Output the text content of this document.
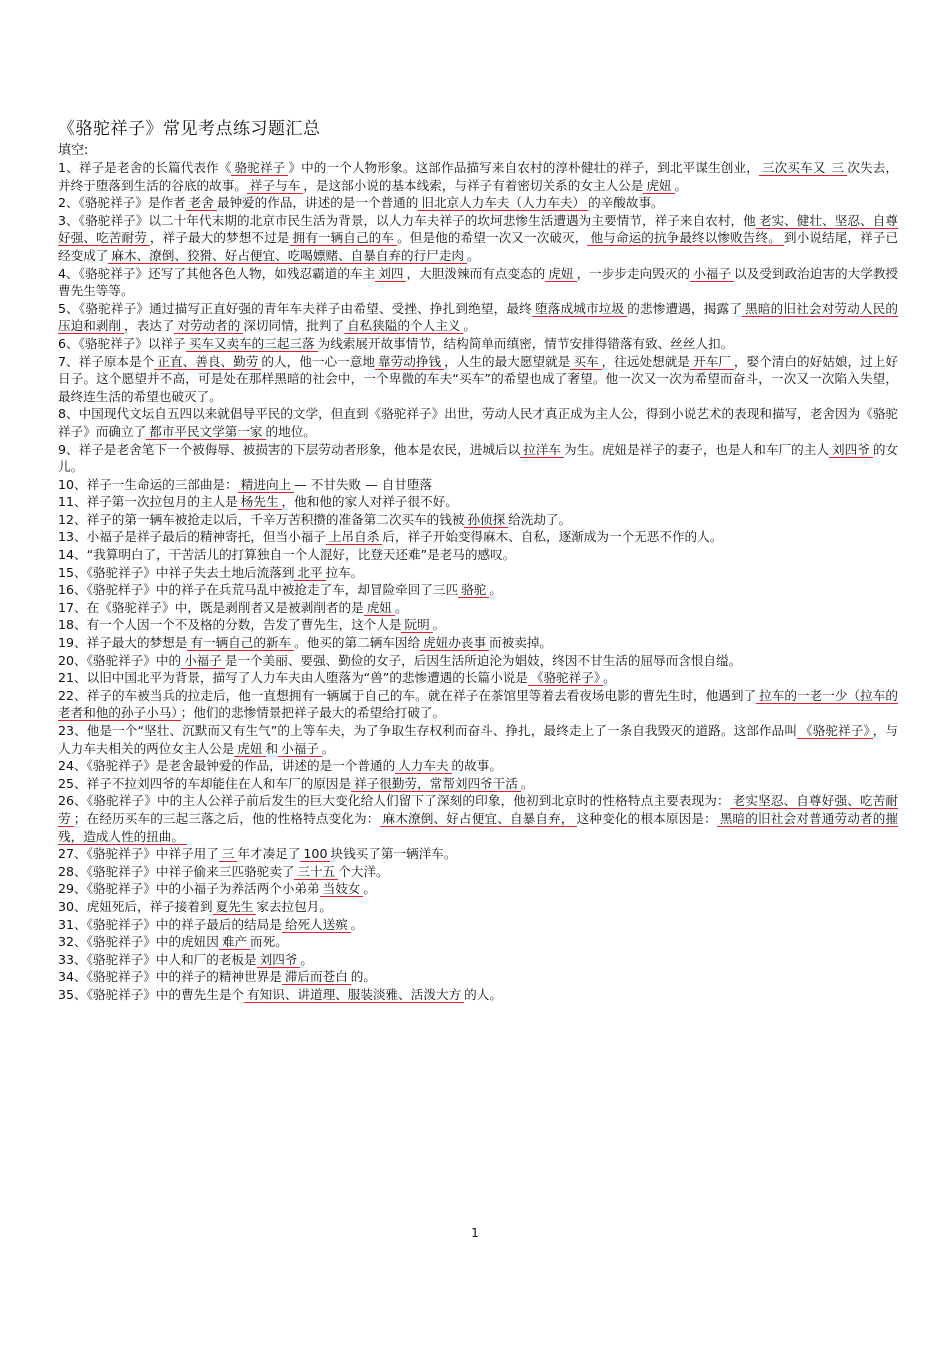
《骆驼祥子》常见考点练习题汇总
填空:

1、祥子是老舍的长篇代表作《 骆驼祥子 》中的一个人物形象。这部作品描写来自农村的淳朴健壮的祥子，到北平谋生创业， 三次买车又 三 次失去，并终于堕落到生活的谷底的故事。 祥子与车 ，是这部小说的基本线索，与祥子有着密切关系的女主人公是 虎妞 。

2、《骆驼祥子》是作者 老舍 最钟爱的作品，讲述的是一个普通的 旧北京人力车夫（人力车夫） 的辛酸故事。

3、《骆驼祥子》以二十年代末期的北京市民生活为背景，以人力车夫祥子的坎坷悲惨生活遭遇为主要情节，祥子来自农村，他 老实、健壮、坚忍、自尊好强、吃苦耐劳 ，祥子最大的梦想不过是 拥有一辆自己的车 。但是他的希望一次又一次破灭， 他与命运的抗争最终以惨败告终。 到小说结尾，祥子已经变成了 麻木、潦倒、狡猾、好占便宜、吃喝嫖赌、自暴自弃的行尸走肉 。

4、《骆驼祥子》还写了其他各色人物，如残忍霸道的车主 刘四 ，大胆泼辣而有点变态的 虎妞 ，一步步走向毁灭的 小福子 以及受到政治迫害的大学教授曹先生等等。

5、《骆驼祥子》通过描写正直好强的青年车夫祥子由希望、受挫、挣扎到绝望，最终 堕落成城市垃圾 的悲惨遭遇，揭露了 黑暗的旧社会对劳动人民的压迫和剥削 ，表达了 对劳动者的 深切同情，批判了 自私狭隘的个人主义 。

6、《骆驼祥子》以祥子 买车又卖车的三起三落 为线索展开故事情节，结构简单而缜密，情节安排得错落有致、丝丝人扣。

7、祥子原本是个 正直、善良、勤劳 的人，他一心一意地 靠劳动挣钱 ，人生的最大愿望就是 买车 ，往远处想就是 开车厂 ，娶个清白的好姑娘，过上好日子。这个愿望并不高，可是处在那样黑暗的社会中，一个卑微的车夫“买车”的希望也成了奢望。他一次又一次为希望而奋斗，一次又一次陷入失望，最终连生活的希望也破灭了。

8、中国现代文坛自五四以来就倡导平民的文学，但直到《骆驼祥子》出世，劳动人民才真正成为主人公，得到小说艺术的表现和描写，老舍因为《骆驼祥子》而确立了 都市平民文学第一家 的地位。

9、祥子是老舍笔下一个被侮辱、被损害的下层劳动者形象，他本是农民，进城后以 拉洋车 为生。虎妞是祥子的妻子，也是人和车厂的主人 刘四爷 的女儿。

10、祥子一生命运的三部曲是： 精进向上 — 不甘失败 — 自甘堕落

11、祥子第一次拉包月的主人是 杨先生 ，他和他的家人对祥子很不好。

12、祥子的第一辆车被抢走以后，千辛万苦积攒的准备第二次买车的钱被 孙侦探 给洗劫了。

13、小福子是祥子最后的精神寄托，但当小福子 上吊自杀 后，祥子开始变得麻木、自私，逐渐成为一个无恶不作的人。

14、“我算明白了，干苦活儿的打算独自一个人混好，比登天还难”是老马的感叹。

15、《骆驼祥子》中祥子失去土地后流落到 北平 拉车。

16、《骆驼样子》中的祥子在兵荒马乱中被抢走了车，却冒险牵回了三匹 骆驼 。

17、在《骆驼祥子》中，既是剥削者又是被剥削者的是 虎妞 。

18、有一个人因一个不及格的分数，告发了曹先生，这个人是 阮明 。

19、祥子最大的梦想是 有一辆自己的新车 。他买的第二辆车因给 虎妞办丧事 而被卖掉。

20、《骆驼祥子》中的 小福子 是一个美丽、要强、勤俭的女子，后因生活所迫沦为娼妓，终因不甘生活的屈辱而含恨自缢。

21、以旧中国北平为背景，描写了人力车夫由人堕落为“兽”的悲惨遭遇的长篇小说是 《骆驼祥子》 。

22、祥子的车被当兵的拉走后，他一直想拥有一辆属于自己的车。就在祥子在茶馆里等着去看夜场电影的曹先生时，他遇到了 拉车的一老一少（拉车的老者和他的孙子小马） ；他们的悲惨情景把祥子最大的希望给打破了。

23、他是一个“坚壮、沉默而又有生气”的上等车夫，为了争取生存权利而奋斗、挣扎，最终走上了一条自我毁灭的道路。这部作品叫 《骆驼祥子》 ，与人力车夫相关的两位女主人公是 虎妞 和 小福子 。

24、《骆驼祥子》是老舍最钟爱的作品，讲述的是一个普通的 人力车夫 的故事。

25、祥子不拉刘四爷的车却能住在人和车厂的原因是 祥子很勤劳，常帮刘四爷干活 。

26、《骆驼祥子》中的主人公祥子前后发生的巨大变化给人们留下了深刻的印象，他初到北京时的性格特点主要表现为： 老实坚忍、自尊好强、吃苦耐劳 ；在经历买车的三起三落之后，他的性格特点变化为： 麻木潦倒、好占便宜、自暴自弃， 这种变化的根本原因是： 黑暗的旧社会对普通劳动者的摧残，造成人性的扭曲。

27、《骆驼祥子》中祥子用了 三 年才凑足了 100 块钱买了第一辆洋车。

28、《骆驼祥子》中祥子偷来三匹骆驼卖了 三十五 个大洋。

29、《骆驼祥子》中的小福子为养活两个小弟弟 当妓女 。

30、虎妞死后，祥子接着到 夏先生 家去拉包月。

31、《骆驼祥子》中的祥子最后的结局是 给死人送殡 。

32、《骆驼祥子》中的虎妞因 难产 而死。

33、《骆驼祥子》中人和厂的老板是 刘四爷 。

34、《骆驼祥子》中的祥子的精神世界是 滞后而苍白 的。

35、《骆驼祥子》中的曹先生是个 有知识、讲道理、服装淡雅、活泼大方 的人。

1
